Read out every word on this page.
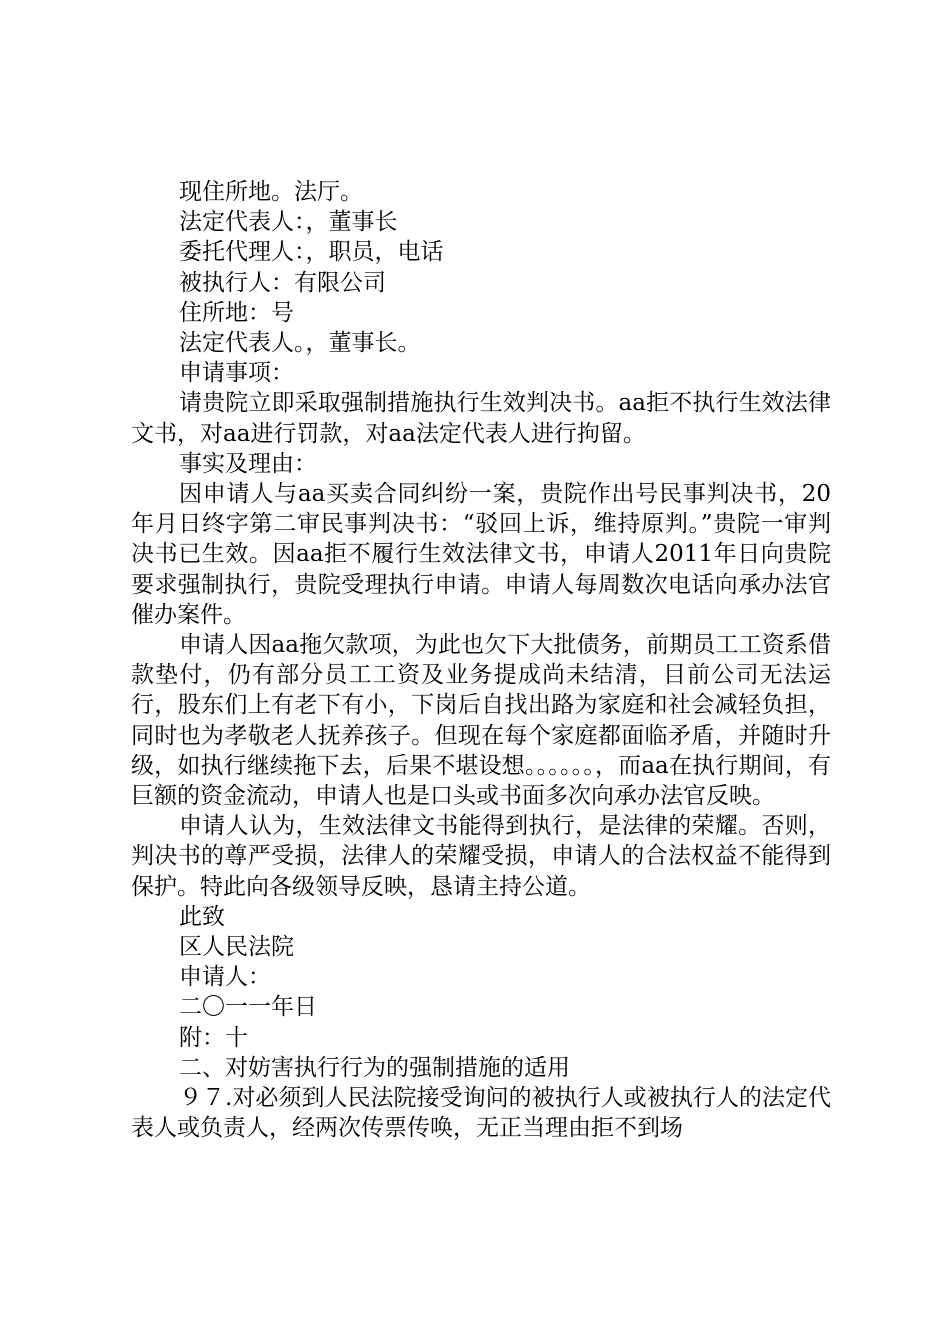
现住所地。法厅。

法定代表人：，董事长

委托代理人：，职员，电话

被执行人：有限公司

住所地：号

法定代表人。，董事长。

申请事项：

请贵院立即采取强制措施执行生效判决书。aa拒不执行生效法律文书，对aa进行罚款，对aa法定代表人进行拘留。

事实及理由：

因申请人与aa买卖合同纠纷一案，贵院作出号民事判决书，20年月日终字第二审民事判决书：“驳回上诉，维持原判。”贵院一审判决书已生效。因aa拒不履行生效法律文书，申请人2011年日向贵院要求强制执行，贵院受理执行申请。申请人每周数次电话向承办法官催办案件。

申请人因aa拖欠款项，为此也欠下大批债务，前期员工工资系借款垫付，仍有部分员工工资及业务提成尚未结清，目前公司无法运行，股东们上有老下有小，下岗后自找出路为家庭和社会减轻负担，同时也为孝敬老人抚养孩子。但现在每个家庭都面临矛盾，并随时升级，如执行继续拖下去，后果不堪设想。。。。。。，而aa在执行期间，有巨额的资金流动，申请人也是口头或书面多次向承办法官反映。

申请人认为，生效法律文书能得到执行，是法律的荣耀。否则，判决书的尊严受损，法律人的荣耀受损，申请人的合法权益不能得到保护。特此向各级领导反映，恳请主持公道。

此致

区人民法院

申请人：

二〇一一年日

附：十

二、对妨害执行行为的强制措施的适用

９７.对必须到人民法院接受询问的被执行人或被执行人的法定代表人或负责人，经两次传票传唤，无正当理由拒不到场
